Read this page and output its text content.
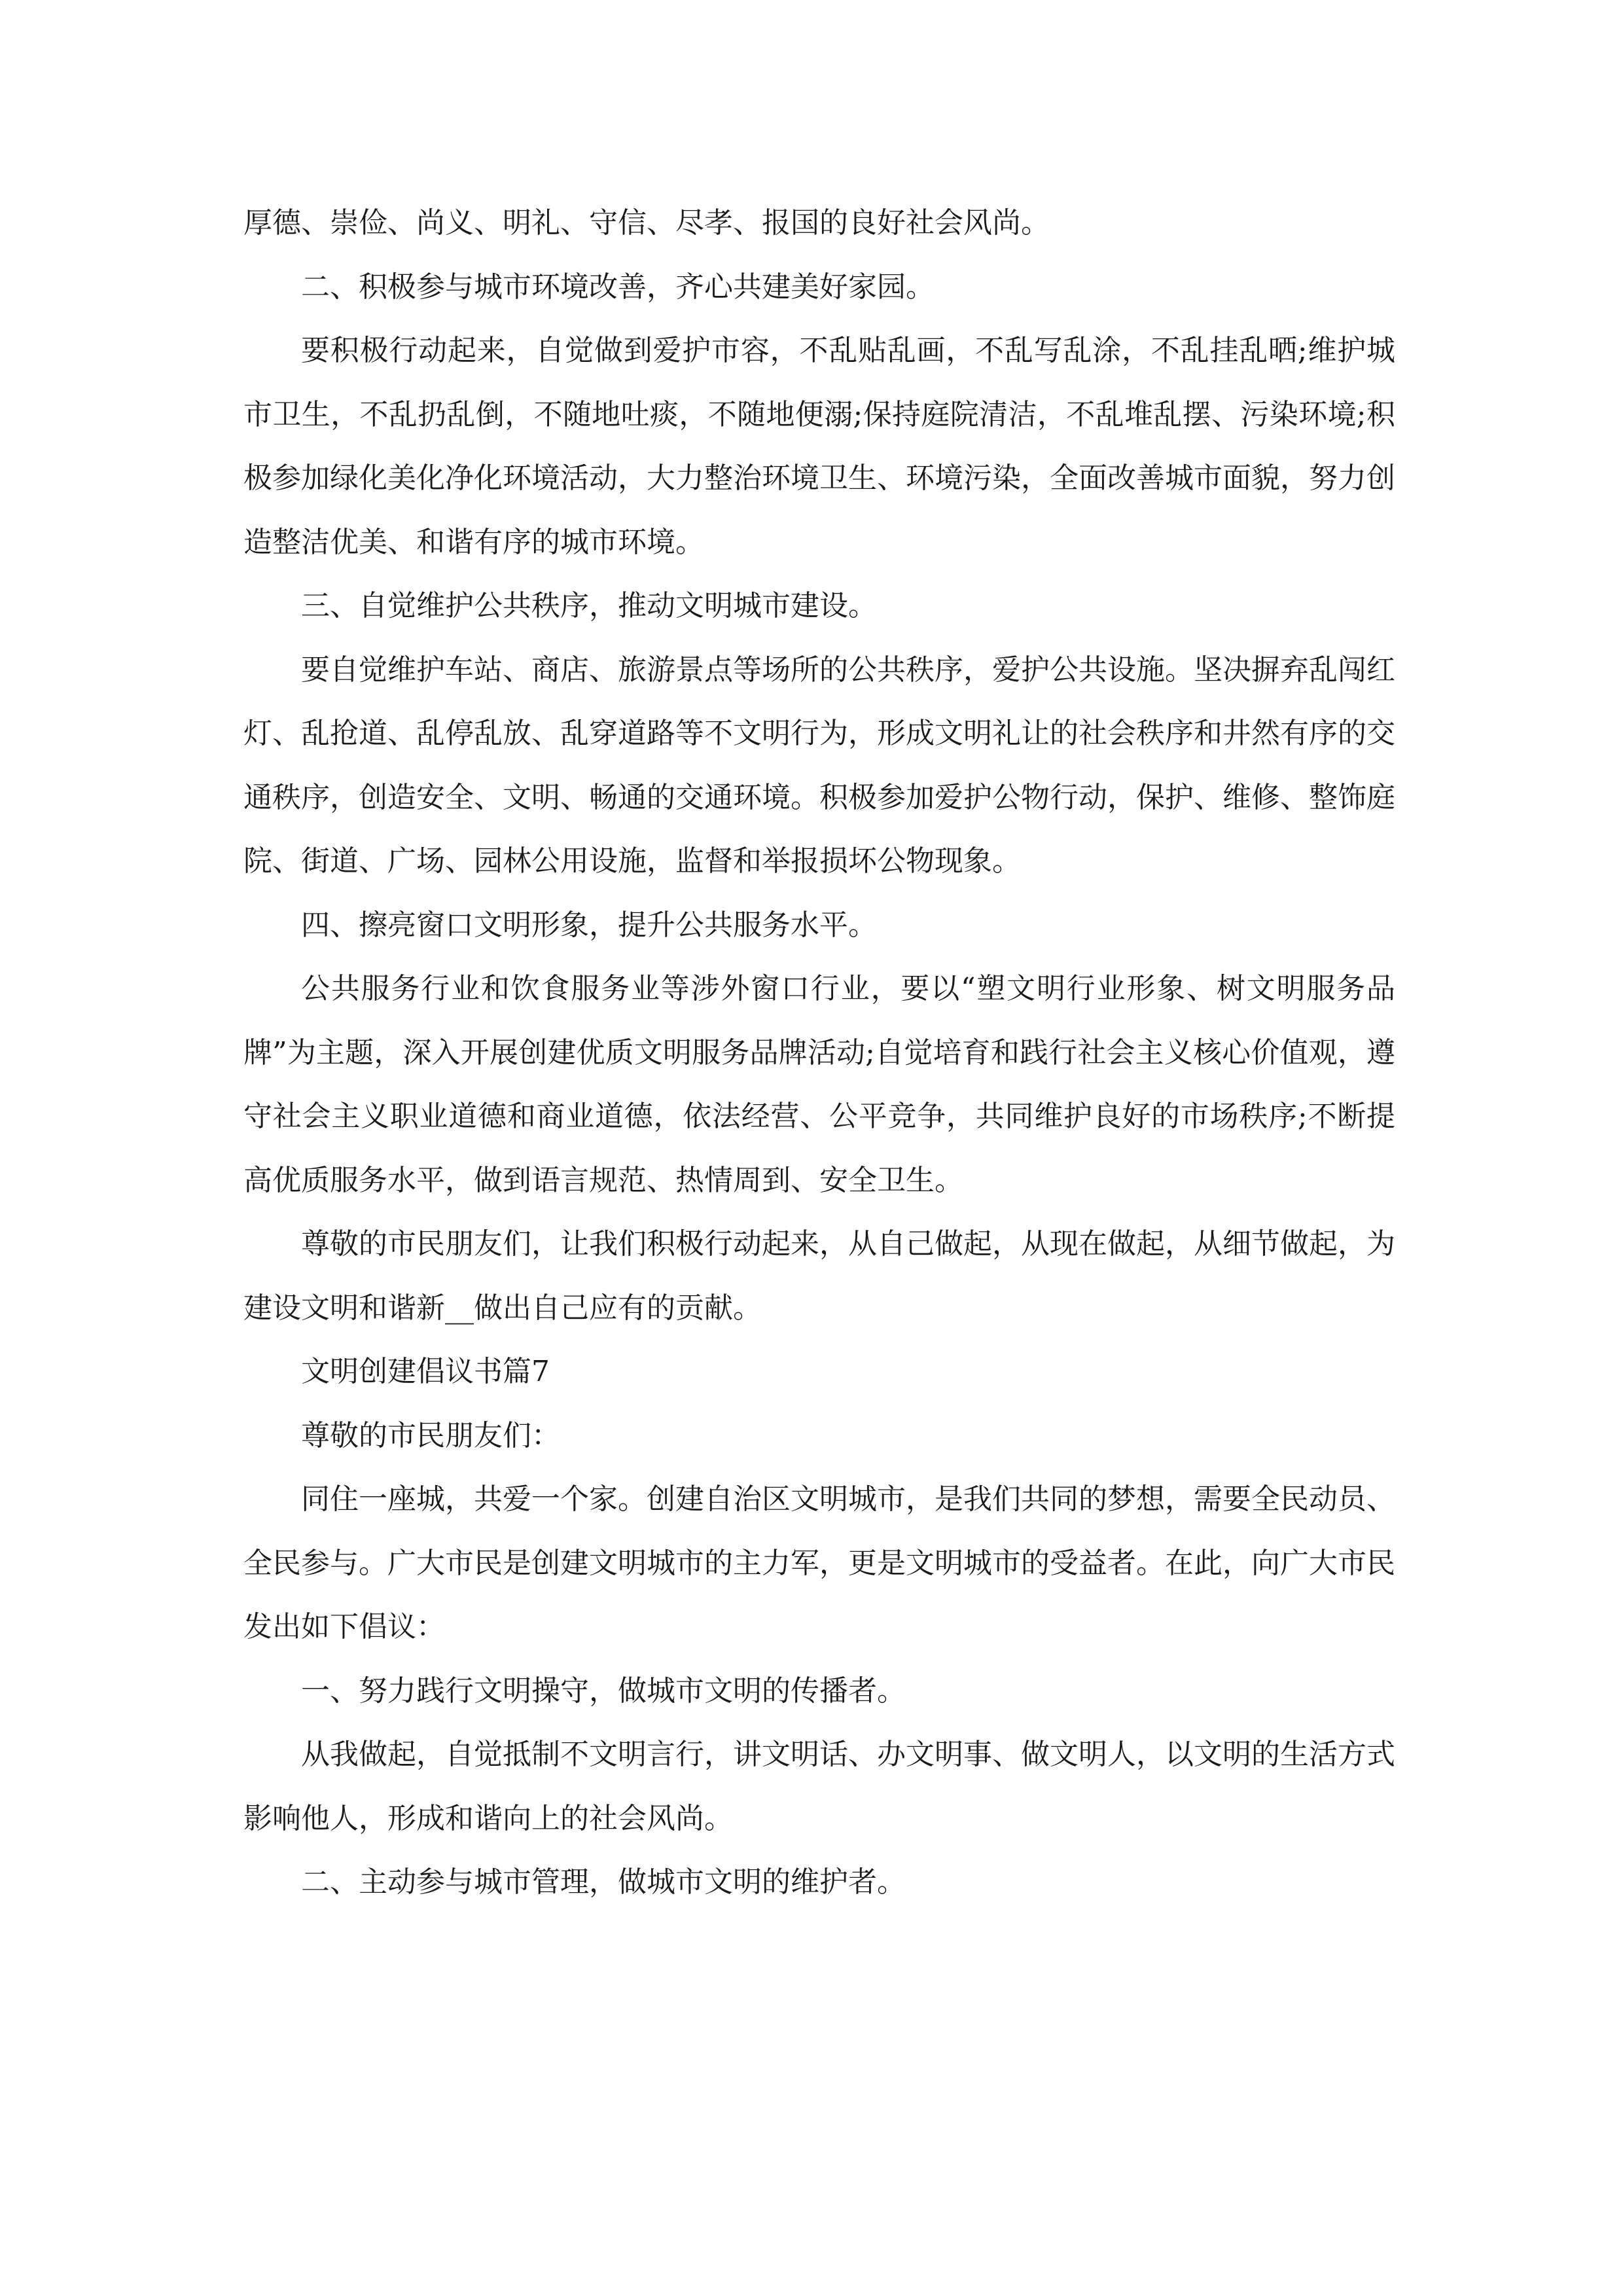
厚德、崇俭、尚义、明礼、守信、尽孝、报国的良好社会风尚。

二、积极参与城市环境改善，齐心共建美好家园。

要积极行动起来，自觉做到爱护市容，不乱贴乱画，不乱写乱涂，不乱挂乱晒;维护城市卫生，不乱扔乱倒，不随地吐痰，不随地便溺;保持庭院清洁，不乱堆乱摆、污染环境;积极参加绿化美化净化环境活动，大力整治环境卫生、环境污染，全面改善城市面貌，努力创造整洁优美、和谐有序的城市环境。

三、自觉维护公共秩序，推动文明城市建设。

要自觉维护车站、商店、旅游景点等场所的公共秩序，爱护公共设施。坚决摒弃乱闯红灯、乱抢道、乱停乱放、乱穿道路等不文明行为，形成文明礼让的社会秩序和井然有序的交通秩序，创造安全、文明、畅通的交通环境。积极参加爱护公物行动，保护、维修、整饰庭院、街道、广场、园林公用设施，监督和举报损坏公物现象。

四、擦亮窗口文明形象，提升公共服务水平。

公共服务行业和饮食服务业等涉外窗口行业，要以“塑文明行业形象、树文明服务品牌”为主题，深入开展创建优质文明服务品牌活动;自觉培育和践行社会主义核心价值观，遵守社会主义职业道德和商业道德，依法经营、公平竞争，共同维护良好的市场秩序;不断提高优质服务水平，做到语言规范、热情周到、安全卫生。

尊敬的市民朋友们，让我们积极行动起来，从自己做起，从现在做起，从细节做起，为建设文明和谐新__做出自己应有的贡献。

文明创建倡议书篇7

尊敬的市民朋友们：

同住一座城，共爱一个家。创建自治区文明城市，是我们共同的梦想，需要全民动员、全民参与。广大市民是创建文明城市的主力军，更是文明城市的受益者。在此，向广大市民发出如下倡议：

一、努力践行文明操守，做城市文明的传播者。

从我做起，自觉抵制不文明言行，讲文明话、办文明事、做文明人，以文明的生活方式影响他人，形成和谐向上的社会风尚。

二、主动参与城市管理，做城市文明的维护者。
